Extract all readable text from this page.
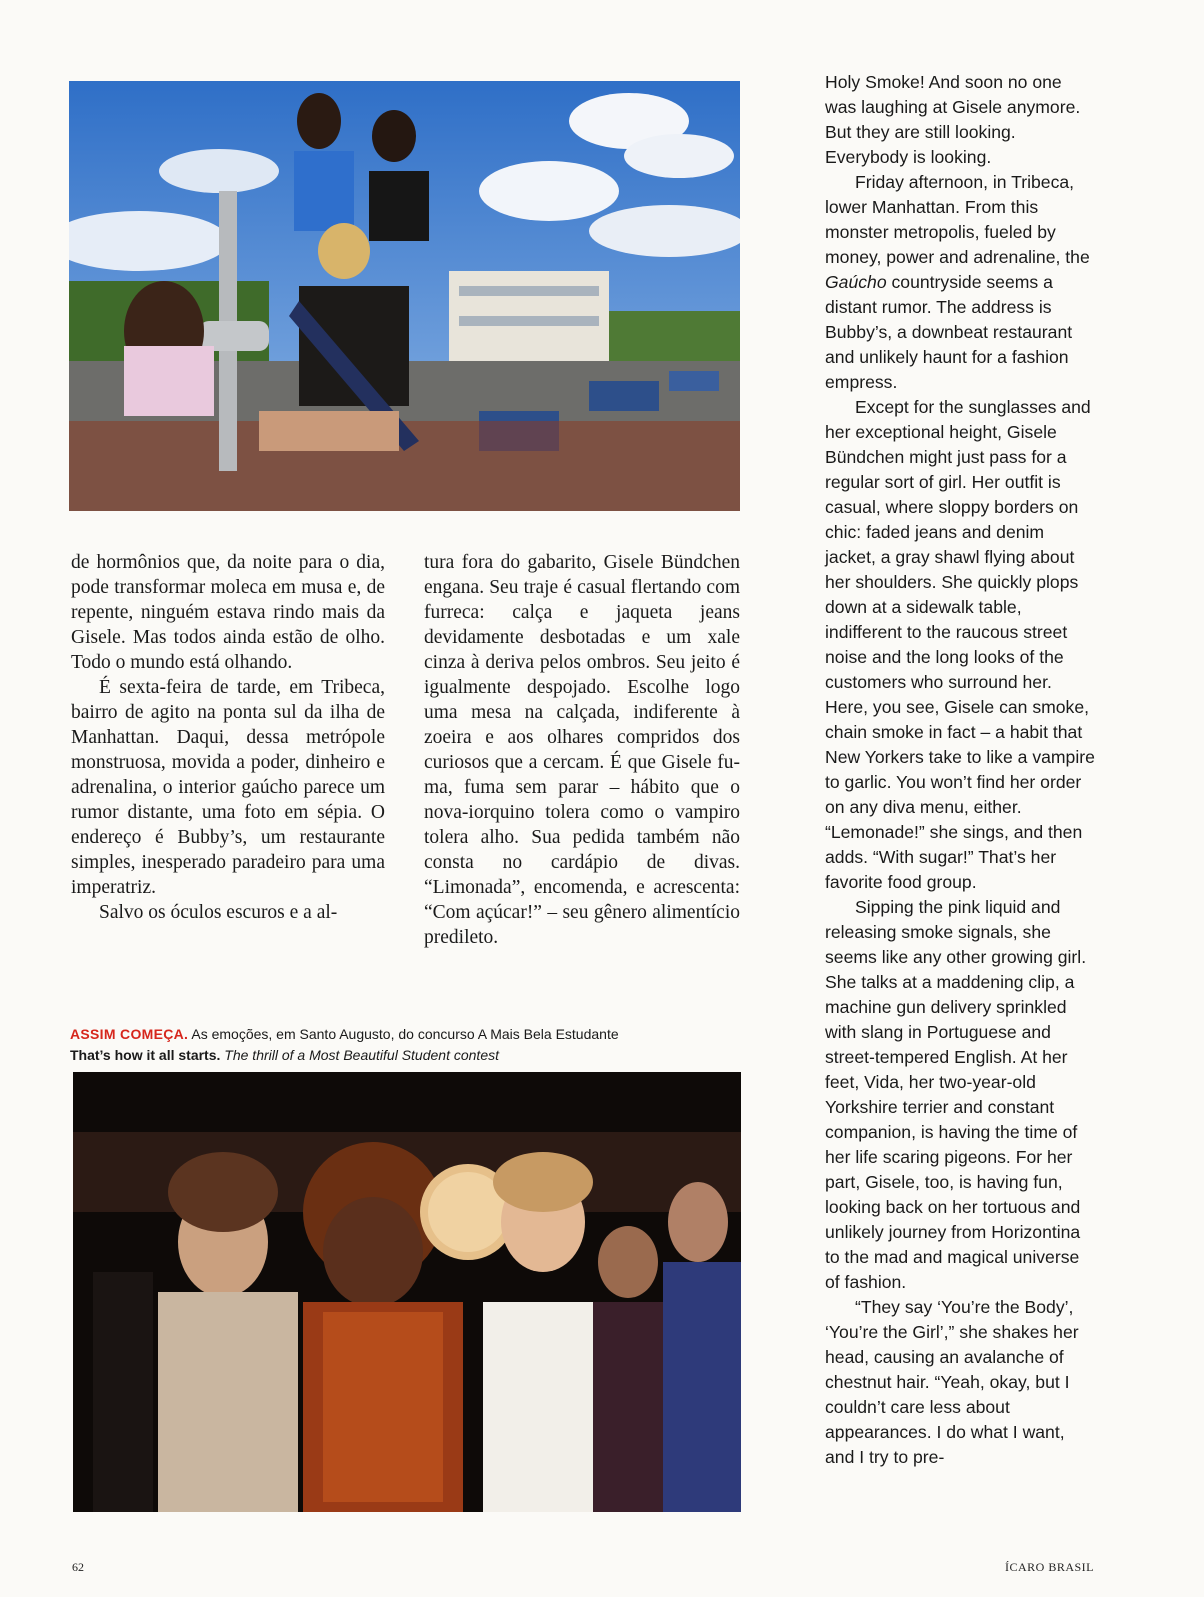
de hormônios que, da noite para o dia, pode transformar moleca em musa e, de repente, ninguém estava rindo mais da Gisele. Mas todos ainda estão de olho. Todo o mundo está olhando.

É sexta-feira de tarde, em Tribeca, bairro de agito na ponta sul da ilha de Manhattan. Daqui, dessa metrópole monstruosa, movida a poder, dinheiro e adrenalina, o interior gaúcho parece um rumor distante, uma foto em sépia. O endereço é Bubby’s, um restaurante simples, inesperado paradeiro para uma imperatriz.

Salvo os óculos escuros e a al-

tura fora do gabarito, Gisele Bündchen engana. Seu traje é casual flertando com furreca: calça e jaqueta jeans devidamente desbotadas e um xale cinza à deriva pelos ombros. Seu jeito é igualmente despojado. Escolhe logo uma mesa na calçada, indiferente à zoeira e aos olhares compridos dos curiosos que a cercam. É que Gisele fuma, fuma sem parar – hábito que o nova-iorquino tolera como o vampiro tolera alho. Sua pedida também não consta no cardápio de divas. “Limonada”, encomenda, e acrescenta: “Com açúcar!” – seu gênero alimentício predileto.

Holy Smoke! And soon no one was laughing at Gisele anymore. But they are still looking. Everybody is looking.

Friday afternoon, in Tribeca, lower Manhattan. From this monster metropolis, fueled by money, power and adrenaline, the Gaúcho countryside seems a distant rumor. The address is Bubby’s, a downbeat restaurant and unlikely haunt for a fashion empress.

Except for the sunglasses and her exceptional height, Gisele Bündchen might just pass for a regular sort of girl. Her outfit is casual, where sloppy borders on chic: faded jeans and denim jacket, a gray shawl flying about her shoulders. She quickly plops down at a sidewalk table, indifferent to the raucous street noise and the long looks of the customers who surround her. Here, you see, Gisele can smoke, chain smoke in fact – a habit that New Yorkers take to like a vampire to garlic. You won’t find her order on any diva menu, either. “Lemonade!” she sings, and then adds. “With sugar!” That’s her favorite food group.

Sipping the pink liquid and releasing smoke signals, she seems like any other growing girl. She talks at a maddening clip, a machine gun delivery sprinkled with slang in Portuguese and street-tempered English. At her feet, Vida, her two-year-old Yorkshire terrier and constant companion, is having the time of her life scaring pigeons. For her part, Gisele, too, is having fun, looking back on her tortuous and unlikely journey from Horizontina to the mad and magical universe of fashion.

“They say ‘You’re the Body’, ‘You’re the Girl’,” she shakes her head, causing an avalanche of chestnut hair. “Yeah, okay, but I couldn’t care less about appearances. I do what I want, and I try to pre-

ASSIM COMEÇA. As emoções, em Santo Augusto, do concurso A Mais Bela Estudante
That’s how it all starts. The thrill of a Most Beautiful Student contest
62	ÍCARO BRASIL
